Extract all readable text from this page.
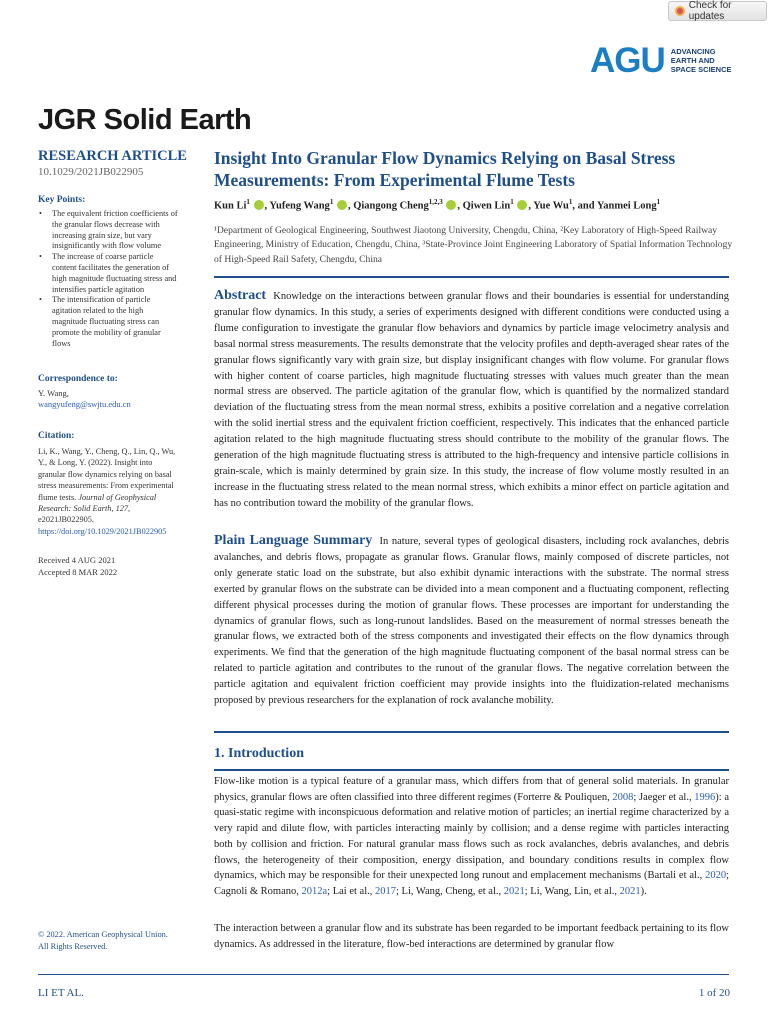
Check for updates
AGU ADVANCING
EARTH AND
SPACE SCIENCE
JGR Solid Earth
RESEARCH ARTICLE
10.1029/2021JB022905
Key Points:
• The equivalent friction coefficients of the granular flows decrease with increasing grain size, but vary insignificantly with flow volume
• The increase of coarse particle content facilitates the generation of high magnitude fluctuating stress and intensifies particle agitation
• The intensification of particle agitation related to the high magnitude fluctuating stress can promote the mobility of granular flows
Correspondence to:
Y. Wang,
wangyufeng@swjtu.edu.cn
Citation:
Li, K., Wang, Y., Cheng, Q., Lin, Q., Wu, Y., & Long, Y. (2022). Insight into granular flow dynamics relying on basal stress measurements: From experimental flume tests. Journal of Geophysical Research: Solid Earth, 127, e2021JB022905. https://doi.org/10.1029/2021JB022905
Received 4 AUG 2021
Accepted 8 MAR 2022
© 2022. American Geophysical Union.
All Rights Reserved.
Insight Into Granular Flow Dynamics Relying on Basal Stress Measurements: From Experimental Flume Tests
Kun Li$^1$ , Yufeng Wang$^1$ , Qiangong Cheng$^{1,2,3}$ , Qiwen Lin$^1$ , Yue Wu$^1$, and Yanmei Long$^1$
¹Department of Geological Engineering, Southwest Jiaotong University, Chengdu, China, ²Key Laboratory of High-Speed Railway Engineering, Ministry of Education, Chengdu, China, ³State-Province Joint Engineering Laboratory of Spatial Information Technology of High-Speed Rail Safety, Chengdu, China
Abstract Knowledge on the interactions between granular flows and their boundaries is essential for understanding granular flow dynamics. In this study, a series of experiments designed with different conditions were conducted using a flume configuration to investigate the granular flow behaviors and dynamics by particle image velocimetry analysis and basal normal stress measurements. The results demonstrate that the velocity profiles and depth-averaged shear rates of the granular flows significantly vary with grain size, but display insignificant changes with flow volume. For granular flows with higher content of coarse particles, high magnitude fluctuating stresses with values much greater than the mean normal stress are observed. The particle agitation of the granular flow, which is quantified by the normalized standard deviation of the fluctuating stress from the mean normal stress, exhibits a positive correlation and a negative correlation with the solid inertial stress and the equivalent friction coefficient, respectively. This indicates that the enhanced particle agitation related to the high magnitude fluctuating stress should contribute to the mobility of the granular flows. The generation of the high magnitude fluctuating stress is attributed to the high-frequency and intensive particle collisions in grain-scale, which is mainly determined by grain size. In this study, the increase of flow volume mostly resulted in an increase in the fluctuating stress related to the mean normal stress, which exhibits a minor effect on particle agitation and has no contribution toward the mobility of the granular flows.
Plain Language Summary In nature, several types of geological disasters, including rock avalanches, debris avalanches, and debris flows, propagate as granular flows. Granular flows, mainly composed of discrete particles, not only generate static load on the substrate, but also exhibit dynamic interactions with the substrate. The normal stress exerted by granular flows on the substrate can be divided into a mean component and a fluctuating component, reflecting different physical processes during the motion of granular flows. These processes are important for understanding the dynamics of granular flows, such as long-runout landslides. Based on the measurement of normal stresses beneath the granular flows, we extracted both of the stress components and investigated their effects on the flow dynamics through experiments. We find that the generation of the high magnitude fluctuating component of the basal normal stress can be related to particle agitation and contributes to the runout of the granular flows. The negative correlation between the particle agitation and equivalent friction coefficient may provide insights into the fluidization-related mechanisms proposed by previous researchers for the explanation of rock avalanche mobility.
1. Introduction
Flow-like motion is a typical feature of a granular mass, which differs from that of general solid materials. In granular physics, granular flows are often classified into three different regimes (Forterre & Pouliquen, 2008; Jaeger et al., 1996): a quasi-static regime with inconspicuous deformation and relative motion of particles; an inertial regime characterized by a very rapid and dilute flow, with particles interacting mainly by collision; and a dense regime with particles interacting both by collision and friction. For natural granular mass flows such as rock avalanches, debris avalanches, and debris flows, the heterogeneity of their composition, energy dissipation, and boundary conditions results in complex flow dynamics, which may be responsible for their unexpected long runout and emplacement mechanisms (Bartali et al., 2020; Cagnoli & Romano, 2012a; Lai et al., 2017; Li, Wang, Cheng, et al., 2021; Li, Wang, Lin, et al., 2021).
The interaction between a granular flow and its substrate has been regarded to be important feedback pertaining to its flow dynamics. As addressed in the literature, flow-bed interactions are determined by granular flow
LI ET AL.	1 of 20
